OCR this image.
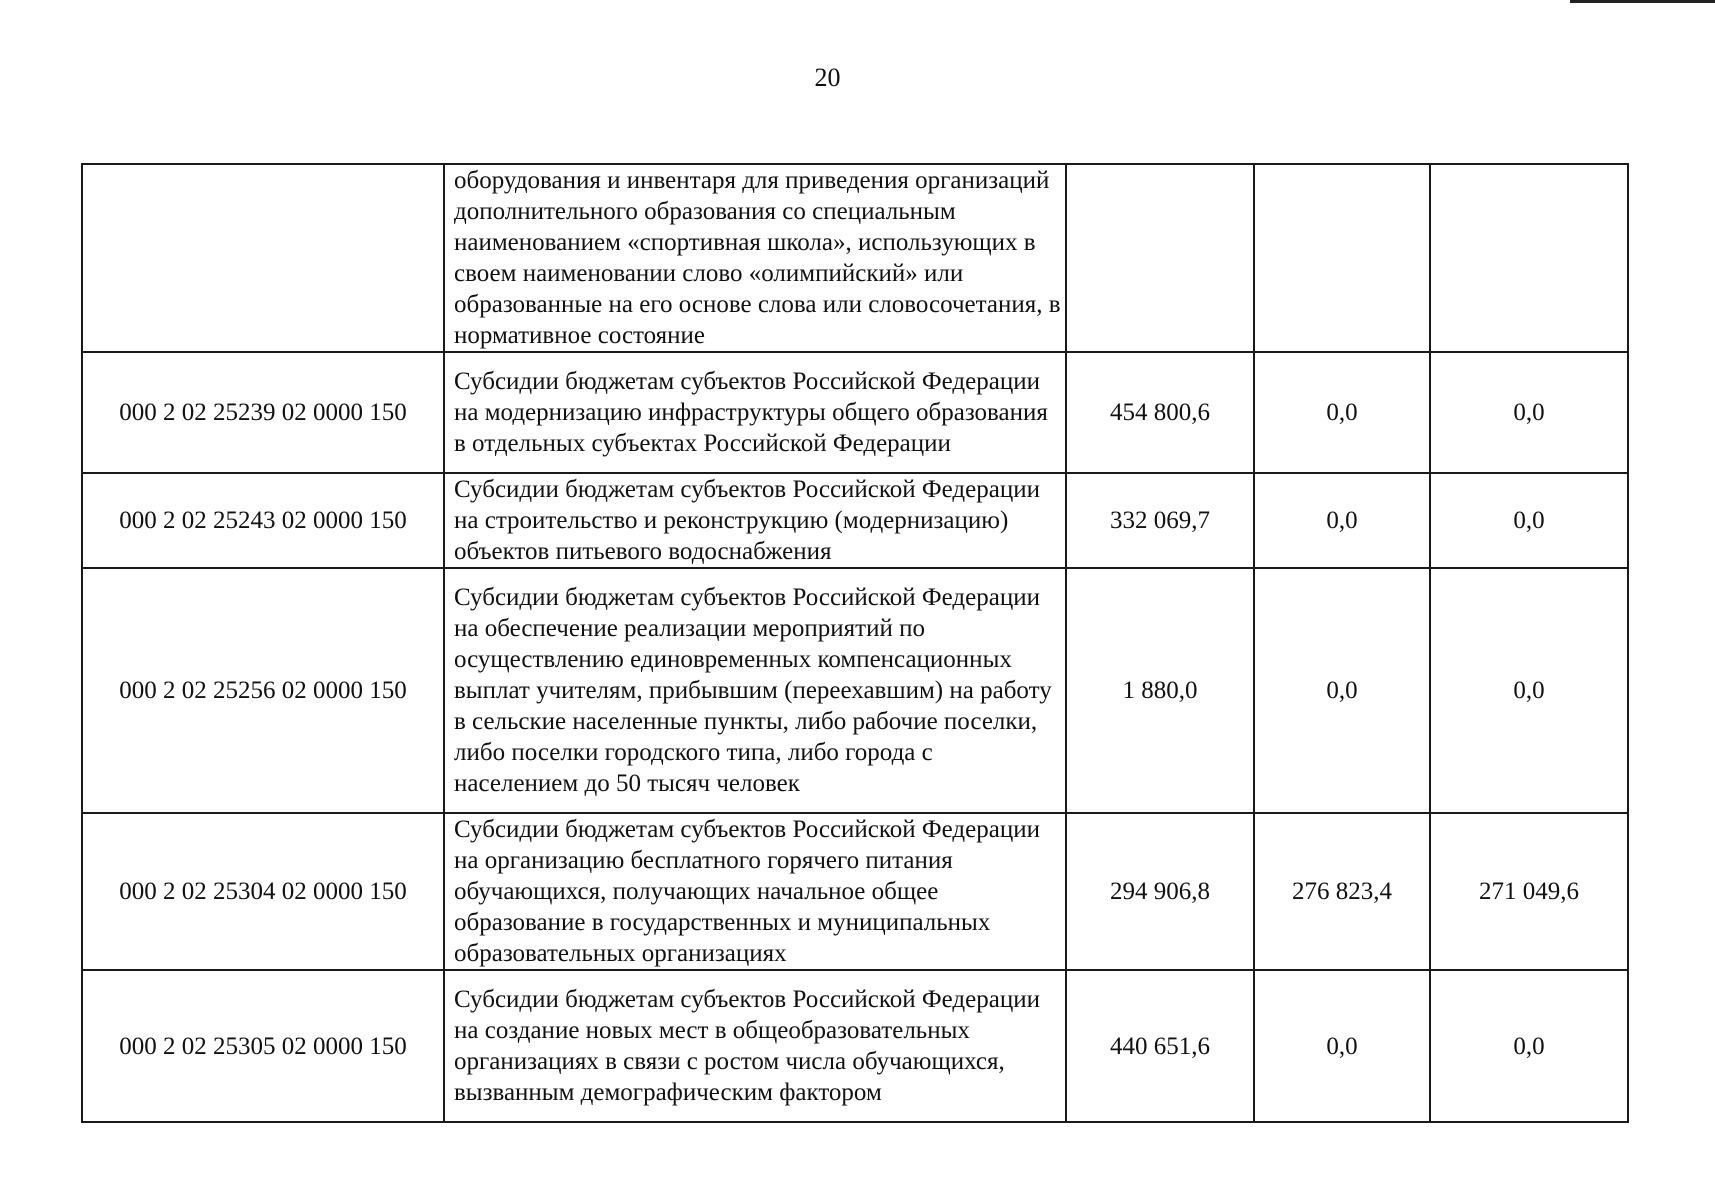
20
	оборудования и инвентаря для приведения организаций дополнительного образования со специальным наименованием «спортивная школа», использующих в своем наименовании слово «олимпийский» или образованные на его основе слова или словосочетания, в нормативное состояние			
000 2 02 25239 02 0000 150	Субсидии бюджетам субъектов Российской Федерации на модернизацию инфраструктуры общего образования в отдельных субъектах Российской Федерации	454 800,6	0,0	0,0
000 2 02 25243 02 0000 150	Субсидии бюджетам субъектов Российской Федерации на строительство и реконструкцию (модернизацию) объектов питьевого водоснабжения	332 069,7	0,0	0,0
000 2 02 25256 02 0000 150	Субсидии бюджетам субъектов Российской Федерации на обеспечение реализации мероприятий по осуществлению единовременных компенсационных выплат учителям, прибывшим (переехавшим) на работу в сельские населенные пункты, либо рабочие поселки, либо поселки городского типа, либо города с населением до 50 тысяч человек	1 880,0	0,0	0,0
000 2 02 25304 02 0000 150	Субсидии бюджетам субъектов Российской Федерации на организацию бесплатного горячего питания обучающихся, получающих начальное общее образование в государственных и муниципальных образовательных организациях	294 906,8	276 823,4	271 049,6
000 2 02 25305 02 0000 150	Субсидии бюджетам субъектов Российской Федерации на создание новых мест в общеобразовательных организациях в связи с ростом числа обучающихся, вызванным демографическим фактором	440 651,6	0,0	0,0
